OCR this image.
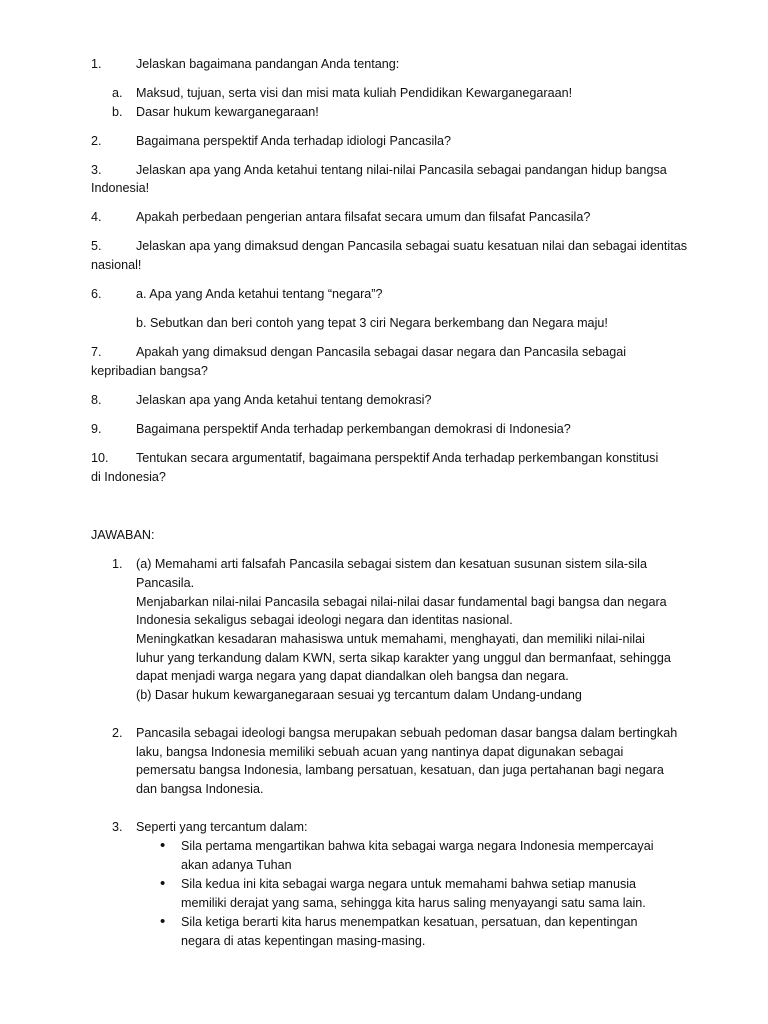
1.	Jelaskan bagaimana pandangan Anda tentang:
a. Maksud, tujuan, serta visi dan misi mata kuliah Pendidikan Kewarganegaraan!
b. Dasar hukum kewarganegaraan!
2.	Bagaimana perspektif Anda terhadap idiologi Pancasila?
3.	Jelaskan apa yang Anda ketahui tentang nilai-nilai Pancasila sebagai pandangan hidup bangsa
Indonesia!
4.	Apakah perbedaan pengerian antara filsafat secara umum dan filsafat Pancasila?
5.	Jelaskan apa yang dimaksud dengan Pancasila sebagai suatu kesatuan nilai dan sebagai identitas
nasional!
6.	a. Apa yang Anda ketahui tentang “negara”?
b. Sebutkan dan beri contoh yang tepat 3 ciri Negara berkembang dan Negara maju!
7.	Apakah yang dimaksud dengan Pancasila sebagai dasar negara dan Pancasila sebagai
kepribadian bangsa?
8.	Jelaskan apa yang Anda ketahui tentang demokrasi?
9.	Bagaimana perspektif Anda terhadap perkembangan demokrasi di Indonesia?
10. Tentukan secara argumentatif, bagaimana perspektif Anda terhadap perkembangan konstitusi
di Indonesia?
JAWABAN:
1. (a) Memahami arti falsafah Pancasila sebagai sistem dan kesatuan susunan sistem sila-sila
Pancasila.
Menjabarkan nilai-nilai Pancasila sebagai nilai-nilai dasar fundamental bagi bangsa dan negara
Indonesia sekaligus sebagai ideologi negara dan identitas nasional.
Meningkatkan kesadaran mahasiswa untuk memahami, menghayati, dan memiliki nilai-nilai
luhur yang terkandung dalam KWN, serta sikap karakter yang unggul dan bermanfaat, sehingga
dapat menjadi warga negara yang dapat diandalkan oleh bangsa dan negara.
(b) Dasar hukum kewarganegaraan sesuai yg tercantum dalam Undang-undang
2. Pancasila sebagai ideologi bangsa merupakan sebuah pedoman dasar bangsa dalam bertingkah
laku, bangsa Indonesia memiliki sebuah acuan yang nantinya dapat digunakan sebagai
pemersatu bangsa Indonesia, lambang persatuan, kesatuan, dan juga pertahanan bagi negara
dan bangsa Indonesia.
3. Seperti yang tercantum dalam:
• Sila pertama mengartikan bahwa kita sebagai warga negara Indonesia mempercayai
akan adanya Tuhan
• Sila kedua ini kita sebagai warga negara untuk memahami bahwa setiap manusia
memiliki derajat yang sama, sehingga kita harus saling menyayangi satu sama lain.
• Sila ketiga berarti kita harus menempatkan kesatuan, persatuan, dan kepentingan
negara di atas kepentingan masing-masing.
